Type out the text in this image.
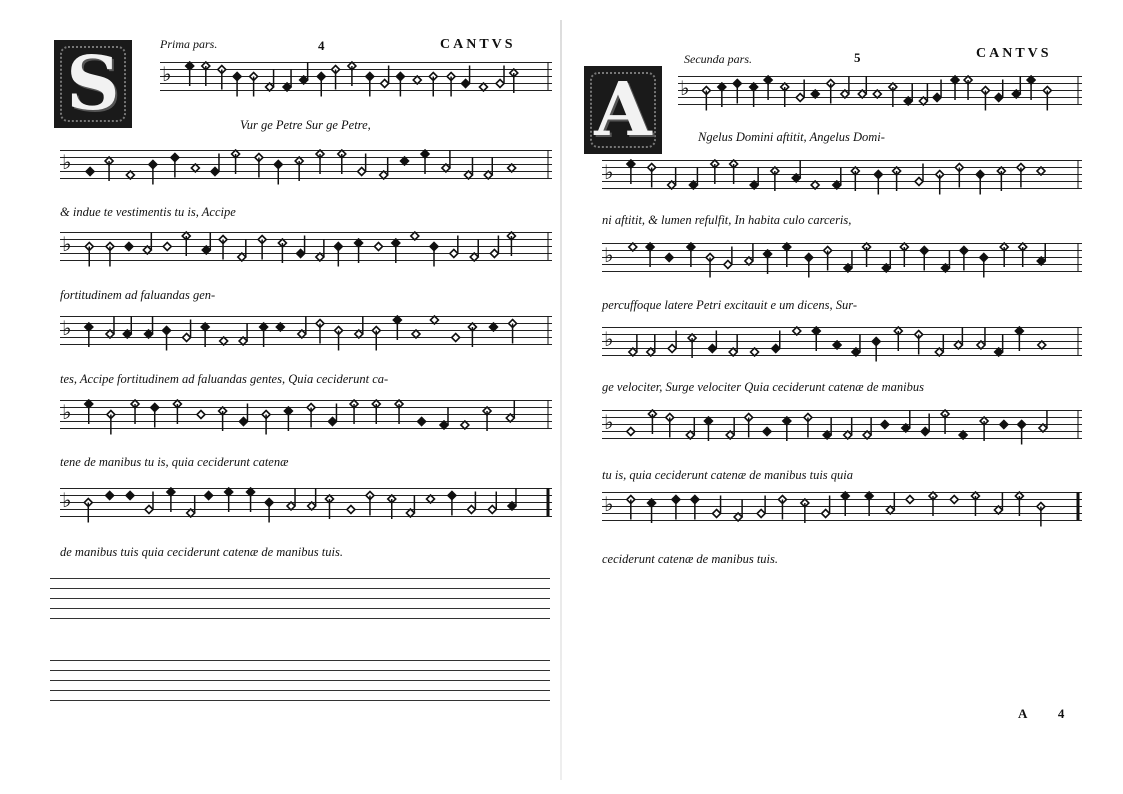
S	Prima pars.	4	CANTVS
♭
Vur ge Petre Sur ge Petre,
♭
& indue te vestimentis tu is, Accipe
♭
fortitudinem ad faluandas gen-
♭
tes, Accipe fortitudinem ad faluandas gentes, Quia ceciderunt ca-
♭
tene de manibus tu is, quia ceciderunt catenæ
♭
de manibus tuis quia ceciderunt catenæ de manibus tuis.
A
Secunda pars.	5	CANTVS
♭
Ngelus Domini aftitit, Angelus Domi-
♭
ni aftitit, & lumen refulfit, In habita culo carceris,
♭
percuffoque latere Petri excitauit e um dicens, Sur-
♭
ge velociter, Surge velociter Quia ceciderunt catenæ de manibus
♭
tu is, quia ceciderunt catenæ de manibus tuis quia
♭
ceciderunt catenæ de manibus tuis.
A 4
